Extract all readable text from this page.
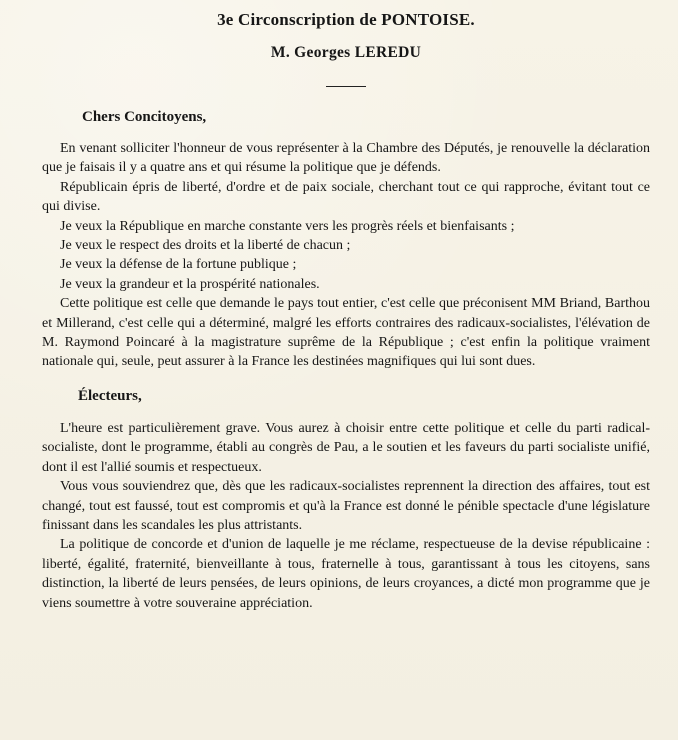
3e Circonscription de PONTOISE.
M. Georges LEREDU
Chers Concitoyens,

En venant solliciter l'honneur de vous représenter à la Chambre des Députés, je renouvelle la déclaration que je faisais il y a quatre ans et qui résume la politique que je défends.

Républicain épris de liberté, d'ordre et de paix sociale, cherchant tout ce qui rapproche, évitant tout ce qui divise.

Je veux la République en marche constante vers les progrès réels et bienfaisants ;

Je veux le respect des droits et la liberté de chacun ;

Je veux la défense de la fortune publique ;

Je veux la grandeur et la prospérité nationales.

Cette politique est celle que demande le pays tout entier, c'est celle que préconisent MM Briand, Barthou et Millerand, c'est celle qui a déterminé, malgré les efforts contraires des radicaux-socialistes, l'élévation de M. Raymond Poincaré à la magistrature suprême de la République ; c'est enfin la politique vraiment nationale qui, seule, peut assurer à la France les destinées magnifiques qui lui sont dues.

Électeurs,

L'heure est particulièrement grave. Vous aurez à choisir entre cette politique et celle du parti radical-socialiste, dont le programme, établi au congrès de Pau, a le soutien et les faveurs du parti socialiste unifié, dont il est l'allié soumis et respectueux.

Vous vous souviendrez que, dès que les radicaux-socialistes reprennent la direction des affaires, tout est changé, tout est faussé, tout est compromis et qu'à la France est donné le pénible spectacle d'une législature finissant dans les scandales les plus attristants.

La politique de concorde et d'union de laquelle je me réclame, respectueuse de la devise républicaine : liberté, égalité, fraternité, bienveillante à tous, fraternelle à tous, garantissant à tous les citoyens, sans distinction, la liberté de leurs pensées, de leurs opinions, de leurs croyances, a dicté mon programme que je viens soumettre à votre souveraine appréciation.
